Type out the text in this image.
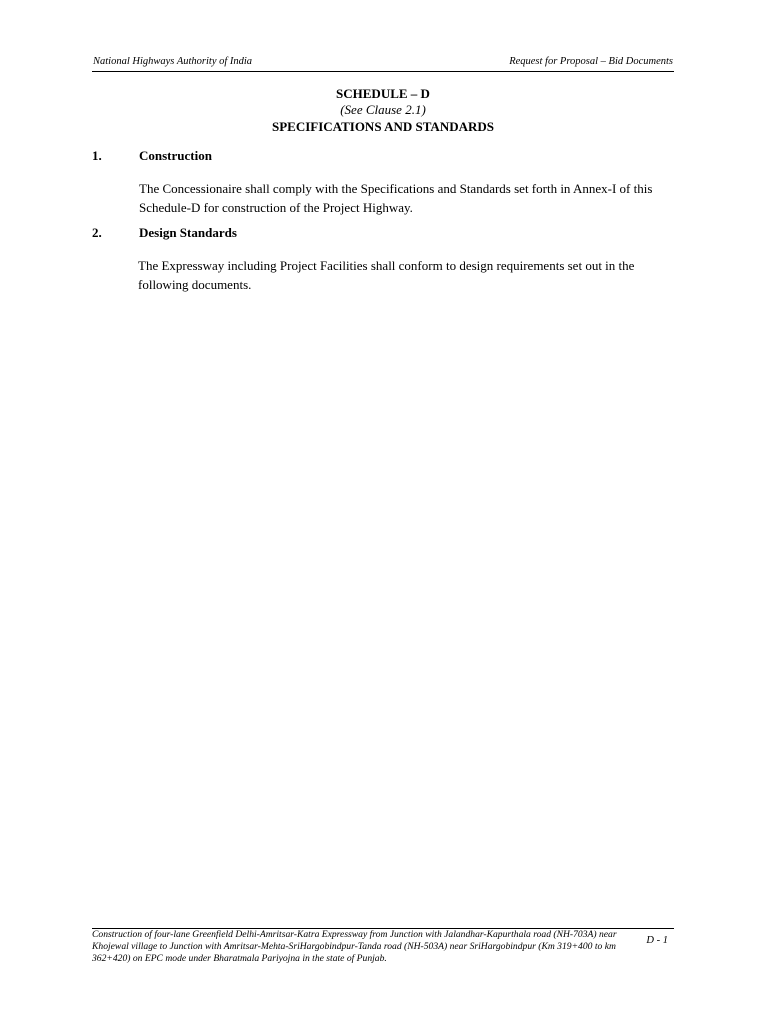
National Highways Authority of India	Request for Proposal – Bid Documents
SCHEDULE – D
(See Clause 2.1)
SPECIFICATIONS AND STANDARDS
1.	Construction
The Concessionaire shall comply with the Specifications and Standards set forth in Annex-I of this Schedule-D for construction of the Project Highway.
2.	Design Standards
The Expressway including Project Facilities shall conform to design requirements set out in the following documents.
Construction of four-lane Greenfield Delhi-Amritsar-Katra Expressway from Junction with Jalandhar-Kapurthala road (NH-703A) near Khojewal village to Junction with Amritsar-Mehta-SriHargobindpur-Tanda road (NH-503A) near SriHargobindpur (Km 319+400 to km 362+420) on EPC mode under Bharatmala Pariyojna in the state of Punjab.
D - 1
